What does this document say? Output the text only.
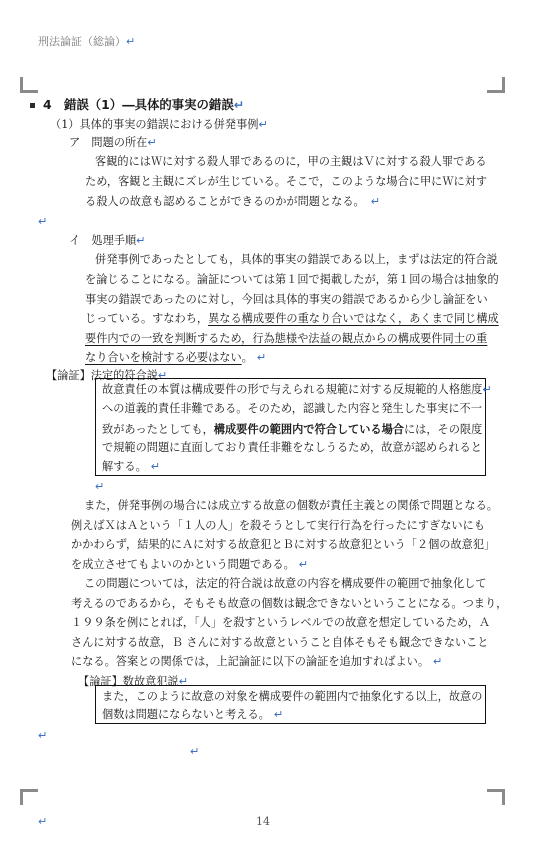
刑法論証（総論）↵
4　錯誤（1）―具体的事実の錯誤↵
（1）具体的事実の錯誤における併発事例↵
ア　問題の所在↵
客観的にはＷに対する殺人罪であるのに，甲の主観はＶに対する殺人罪である
ため，客観と主観にズレが生じている。そこで，このような場合に甲にＷに対す
る殺人の故意も認めることができるのかが問題となる。 ↵
↵
イ　処理手順↵
併発事例であったとしても，具体的事実の錯誤である以上，まずは法定的符合説
を論じることになる。論証については第１回で掲載したが，第１回の場合は抽象的
事実の錯誤であったのに対し，今回は具体的事実の錯誤であるから少し論証をい
じっている。すなわち，異なる構成要件の重なり合いではなく，あくまで同じ構成
要件内での一致を判断するため，行為態様や法益の観点からの構成要件同士の重
なり合いを検討する必要はない。 ↵
【論証】法定的符合説↵
故意責任の本質は構成要件の形で与えられる規範に対する反規範的人格態度↵
への道義的責任非難である。そのため，認識した内容と発生した事実に不一
致があったとしても，構成要件の範囲内で符合している場合には，その限度
で規範の問題に直面しており責任非難をなしうるため，故意が認められると
解する。 ↵
↵
また，併発事例の場合には成立する故意の個数が責任主義との関係で問題となる。
例えばＸはＡという「１人の人」を殺そうとして実行行為を行ったにすぎないにも
かかわらず，結果的にＡに対する故意犯とＢに対する故意犯という「２個の故意犯」
を成立させてもよいのかという問題である。 ↵
この問題については，法定的符合説は故意の内容を構成要件の範囲で抽象化して
考えるのであるから，そもそも故意の個数は観念できないということになる。つまり，
１９９条を例にとれば，「人」を殺すというレベルでの故意を想定しているため，Ａ
さんに対する故意，Ｂ さんに対する故意ということ自体そもそも観念できないこと
になる。答案との関係では，上記論証に以下の論証を追加すればよい。 ↵
【論証】数故意犯説↵
また，このように故意の対象を構成要件の範囲内で抽象化する以上，故意の
個数は問題にならないと考える。 ↵
↵
↵
↵	14
